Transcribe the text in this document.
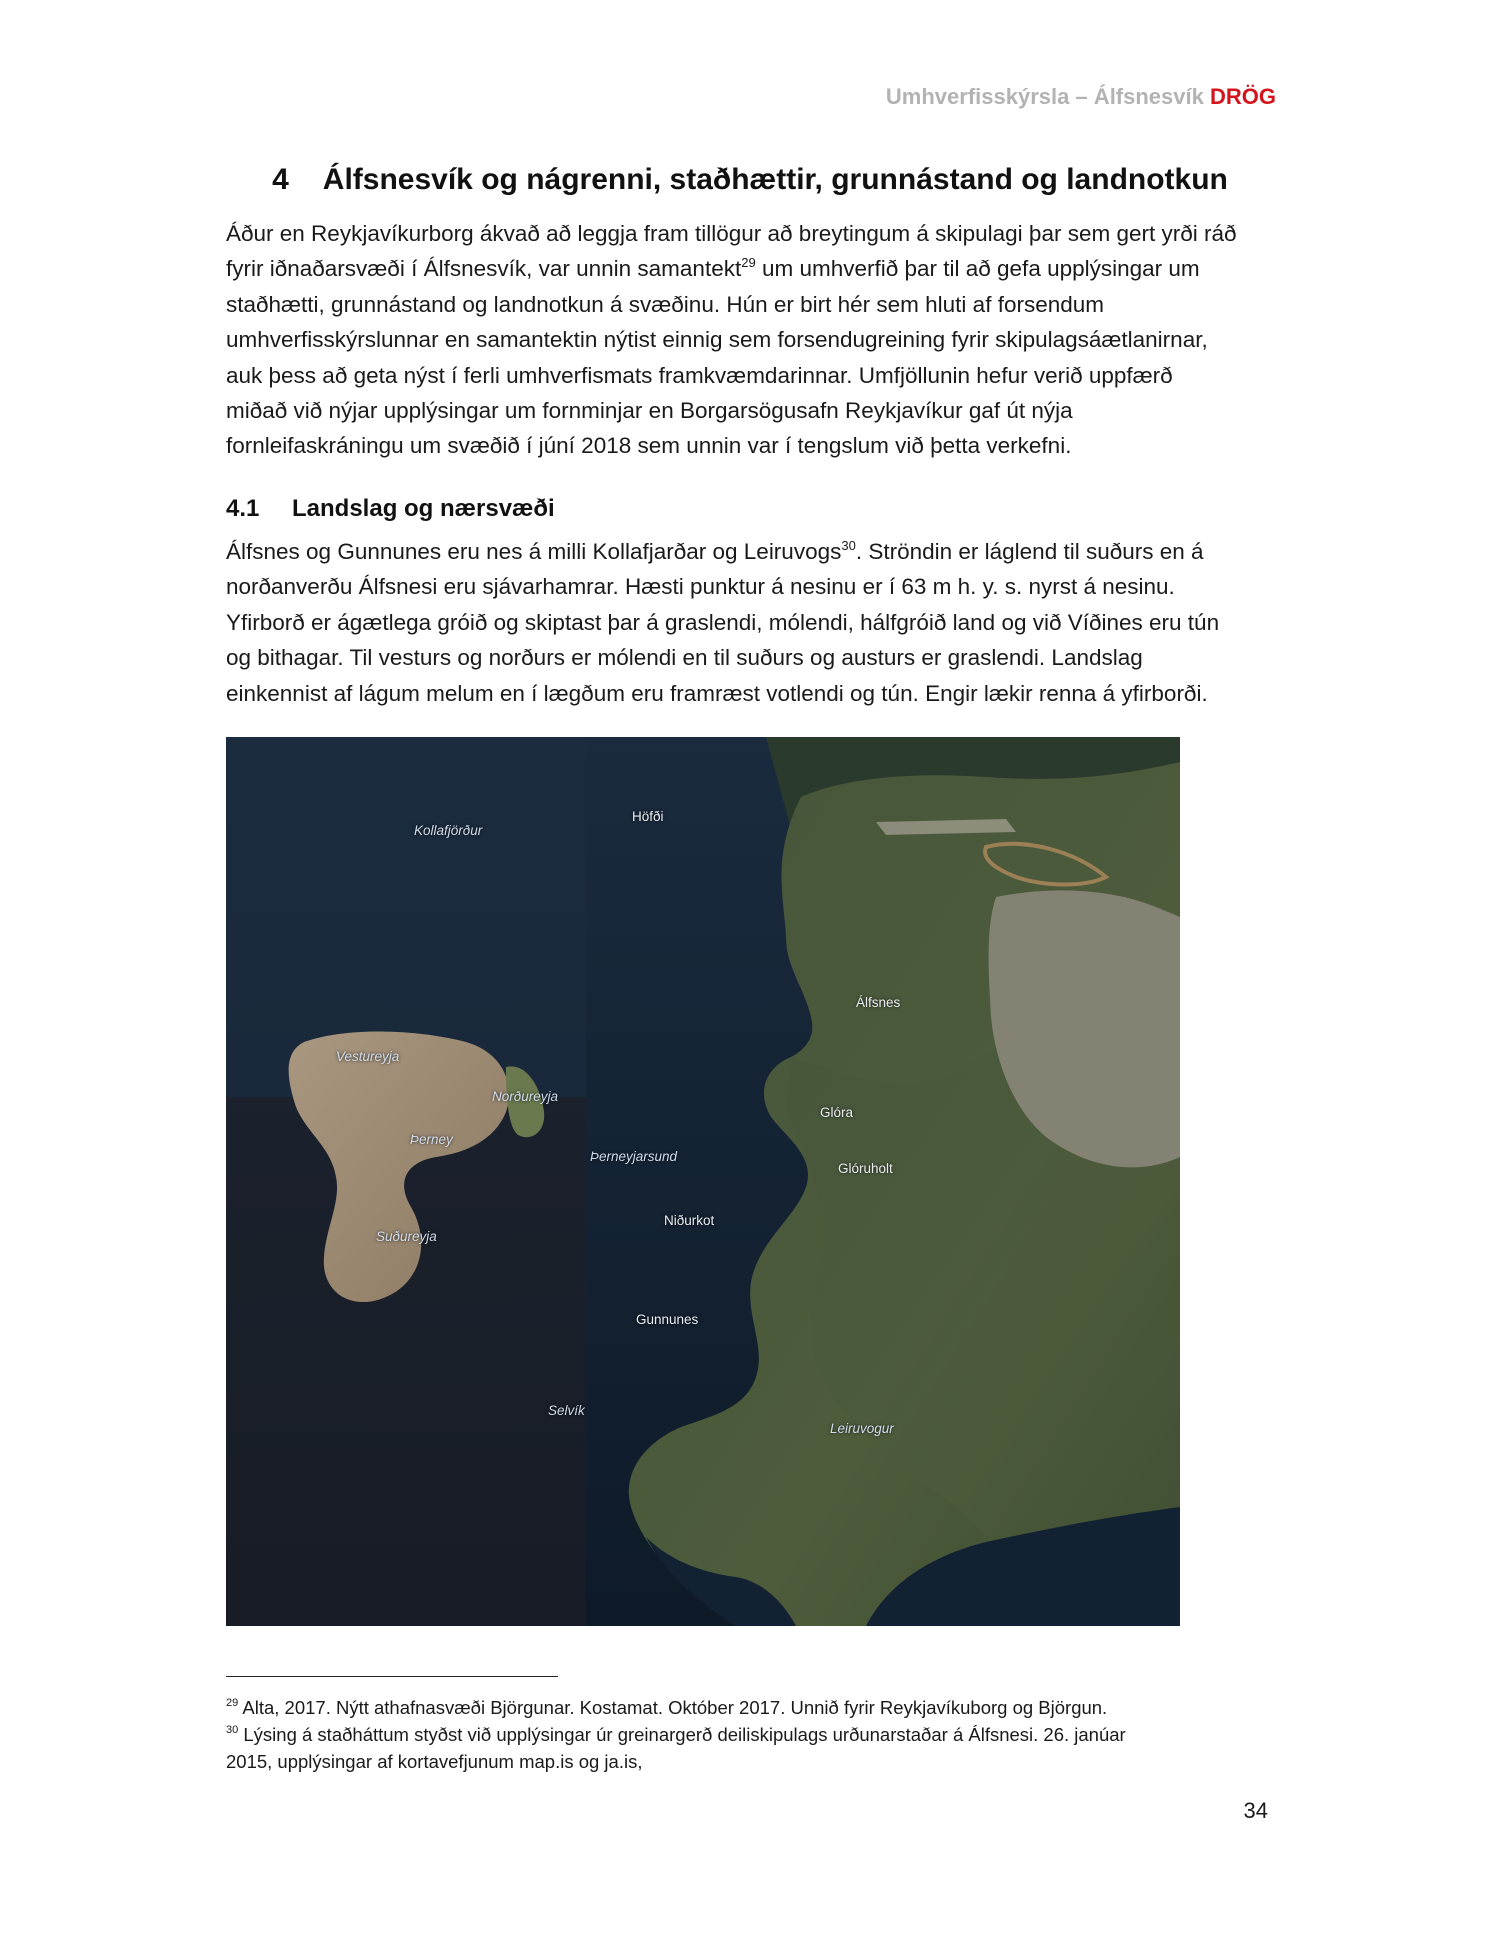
Umhverfisskýrsla – Álfsnesvík DRÖG
4 Álfsnesvík og nágrenni, staðhættir, grunnástand og landnotkun
Áður en Reykjavíkurborg ákvað að leggja fram tillögur að breytingum á skipulagi þar sem gert yrði ráð
fyrir iðnaðarsvæði í Álfsnesvík, var unnin samantekt$^{29}$ um umhverfið þar til að gefa upplýsingar um
staðhætti, grunnástand og landnotkun á svæðinu. Hún er birt hér sem hluti af forsendum
umhverfisskýrslunnar en samantektin nýtist einnig sem forsendugreining fyrir skipulagsáætlanirnar,
auk þess að geta nýst í ferli umhverfismats framkvæmdarinnar. Umfjöllunin hefur verið uppfærð
miðað við nýjar upplýsingar um fornminjar en Borgarsögusafn Reykjavíkur gaf út nýja
fornleifaskráningu um svæðið í júní 2018 sem unnin var í tengslum við þetta verkefni.
4.1 Landslag og nærsvæði
Álfsnes og Gunnunes eru nes á milli Kollafjarðar og Leiruvogs$^{30}$. Ströndin er láglend til suðurs en á
norðanverðu Álfsnesi eru sjávarhamrar. Hæsti punktur á nesinu er í 63 m h. y. s. nyrst á nesinu.
Yfirborð er ágætlega gróið og skiptast þar á graslendi, mólendi, hálfgróið land og við Víðines eru tún
og bithagar. Til vesturs og norðurs er mólendi en til suðurs og austurs er graslendi. Landslag
einkennist af lágum melum en í lægðum eru framræst votlendi og tún. Engir lækir renna á yfirborði.
Kollafjörður
Höfði
Álfsnes
Vestureyja
Norðureyja
Þerney
Þerneyjarsund
Glóra
Glóruholt
Niðurkot
Suðureyja
Gunnunes
Selvík
Leiruvogur
$^{29}$ Alta, 2017. Nýtt athafnasvæði Björgunar. Kostamat. Október 2017. Unnið fyrir Reykjavíkuborg og Björgun.
$^{30}$ Lýsing á staðháttum styðst við upplýsingar úr greinargerð deiliskipulags urðunarstaðar á Álfsnesi. 26. janúar
2015, upplýsingar af kortavefjunum map.is og ja.is,
34
